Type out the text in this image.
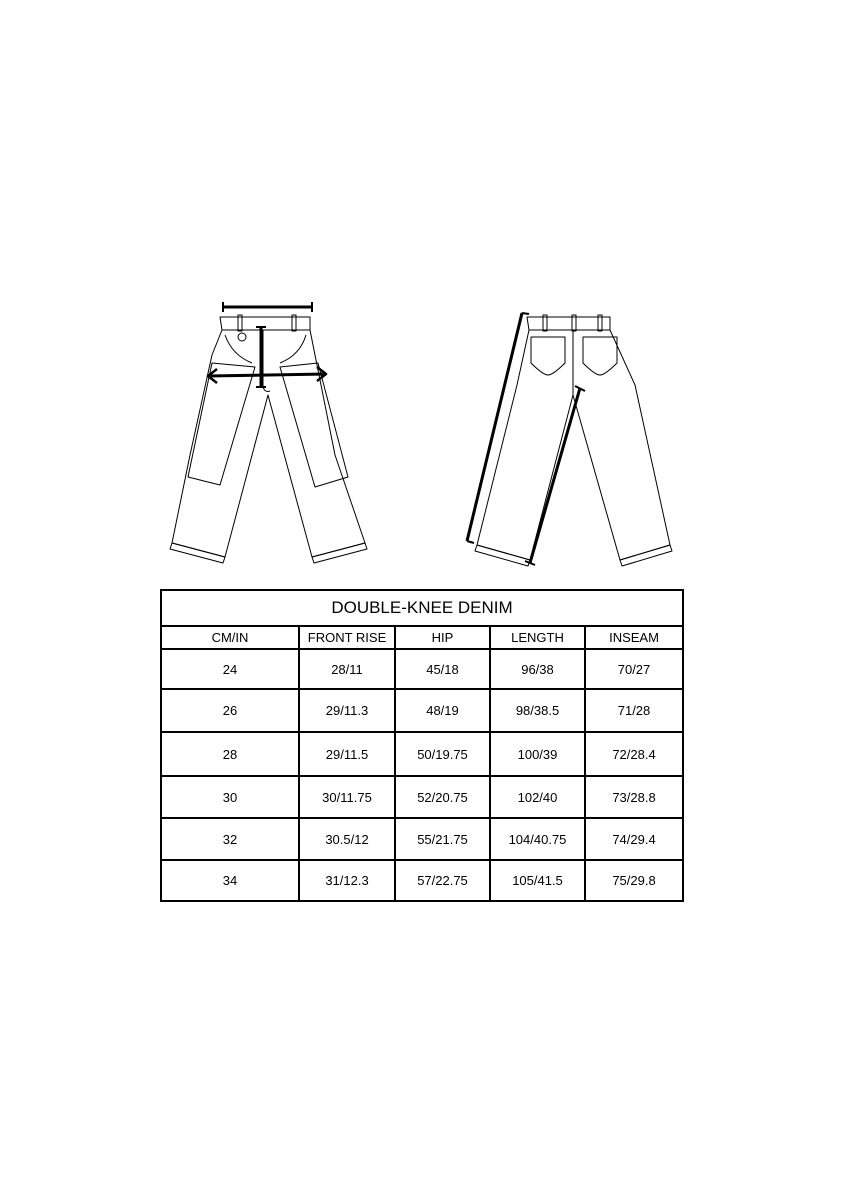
DOUBLE-KNEE DENIM				
CM/IN	FRONT RISE	HIP	LENGTH	INSEAM
24	28/11	45/18	96/38	70/27
26	29/11.3	48/19	98/38.5	71/28
28	29/11.5	50/19.75	100/39	72/28.4
30	30/11.75	52/20.75	102/40	73/28.8
32	30.5/12	55/21.75	104/40.75	74/29.4
34	31/12.3	57/22.75	105/41.5	75/29.8
